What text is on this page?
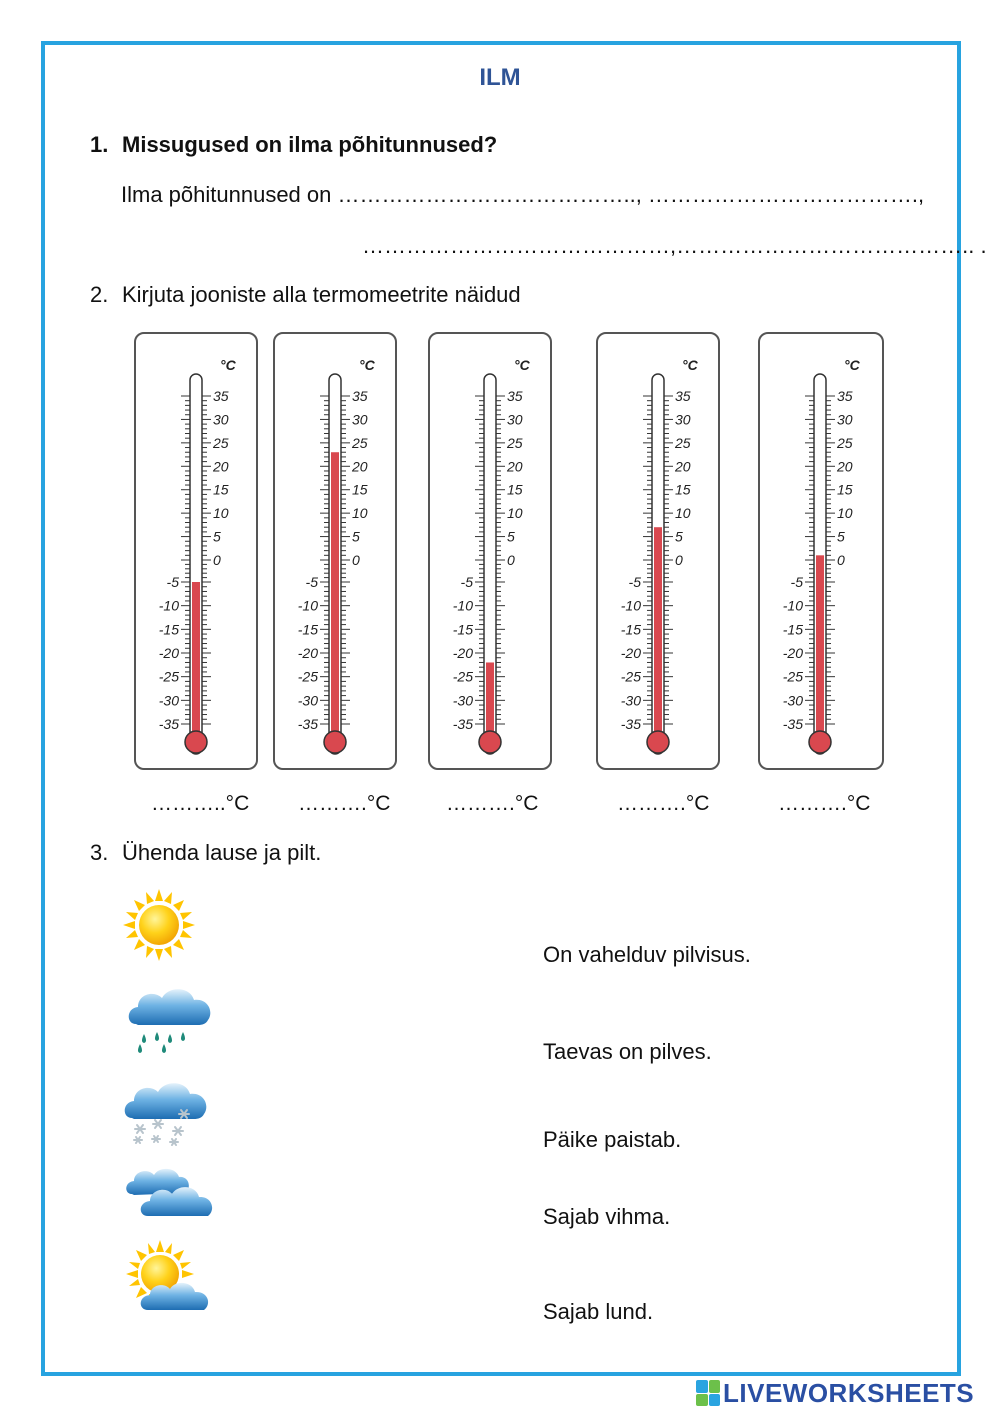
ILM
1. Missugused on ilma põhitunnused?
Ilma põhitunnused on ………………………………….., ……………………………….,
……………………………………,………………………………….. .
2. Kirjuta jooniste alla termomeetrite näidud
°C
35
30
25
20
15
10
5
0
-5
-10
-15
-20
-25
-30
-35
°C
35
30
25
20
15
10
5
0
-5
-10
-15
-20
-25
-30
-35
°C
35
30
25
20
15
10
5
0
-5
-10
-15
-20
-25
-30
-35
°C
35
30
25
20
15
10
5
0
-5
-10
-15
-20
-25
-30
-35
°C
35
30
25
20
15
10
5
0
-5
-10
-15
-20
-25
-30
-35
………..°C ……….°C	……….°C	……….°C	……….°C
3. Ühenda lause ja pilt.
On vahelduv pilvisus.
Taevas on pilves.
Päike paistab.
Sajab vihma.
Sajab lund.
LIVEWORKSHEETS
